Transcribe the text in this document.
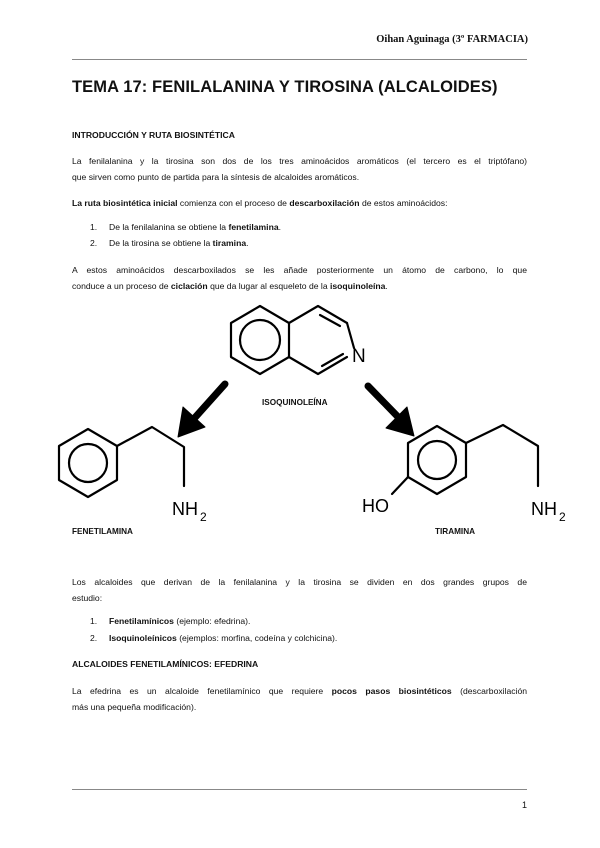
Oihan Aguinaga (3º FARMACIA)
TEMA 17: FENILALANINA Y TIROSINA (ALCALOIDES)
INTRODUCCIÓN Y RUTA BIOSINTÉTICA
La fenilalanina y la tirosina son dos de los tres aminoácidos aromáticos (el tercero es el triptófano)
que sirven como punto de partida para la síntesis de alcaloides aromáticos.
La ruta biosintética inicial comienza con el proceso de descarboxilación de estos aminoácidos:
1. De la fenilalanina se obtiene la fenetilamina.
2. De la tirosina se obtiene la tiramina.
A estos aminoácidos descarboxilados se les añade posteriormente un átomo de carbono, lo que
conduce a un proceso de ciclación que da lugar al esqueleto de la isoquinoleína.
N
NH 2
HO	NH 2
ISOQUINOLEÍNA
FENETILAMINA	TIRAMINA
Los alcaloides que derivan de la fenilalanina y la tirosina se dividen en dos grandes grupos de
estudio:
1. Fenetilamínicos (ejemplo: efedrina).
2. Isoquinoleínicos (ejemplos: morfina, codeína y colchicina).
ALCALOIDES FENETILAMÍNICOS: EFEDRINA
La efedrina es un alcaloide fenetilamínico que requiere pocos pasos biosintéticos (descarboxilación
más una pequeña modificación).
1
